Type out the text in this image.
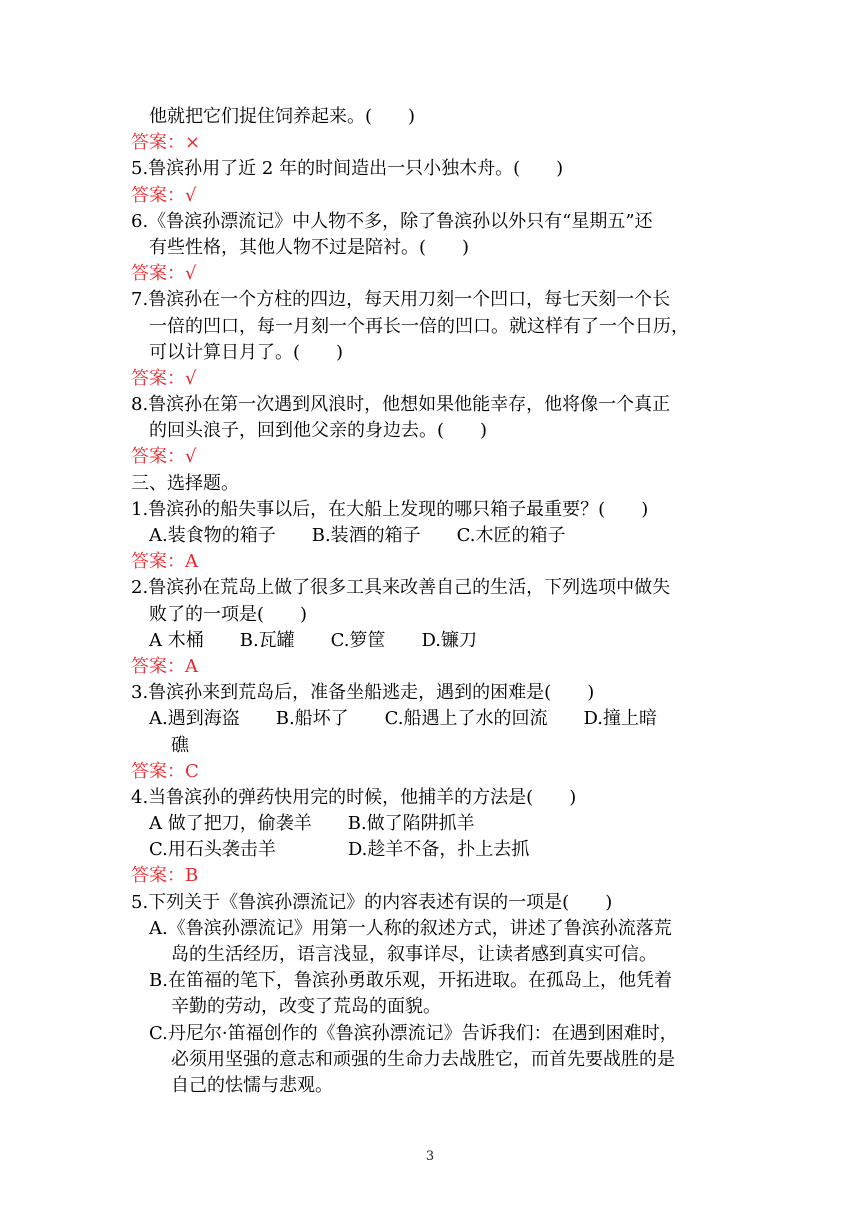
他就把它们捉住饲养起来。(　　)
答案：×
5.鲁滨孙用了近 2 年的时间造出一只小独木舟。(　　)
答案：√
6.《鲁滨孙漂流记》中人物不多，除了鲁滨孙以外只有“星期五”还
有些性格，其他人物不过是陪衬。(　　)
答案：√
7.鲁滨孙在一个方柱的四边，每天用刀刻一个凹口，每七天刻一个长
一倍的凹口，每一月刻一个再长一倍的凹口。就这样有了一个日历，
可以计算日月了。(　　)
答案：√
8.鲁滨孙在第一次遇到风浪时，他想如果他能幸存，他将像一个真正
的回头浪子，回到他父亲的身边去。(　　)
答案：√
三、选择题。
1.鲁滨孙的船失事以后，在大船上发现的哪只箱子最重要？(　　)
A.装食物的箱子　　B.装酒的箱子　　C.木匠的箱子
答案：A
2.鲁滨孙在荒岛上做了很多工具来改善自己的生活，下列选项中做失
败了的一项是(　　)
A 木桶　　B.瓦罐　　C.箩筐　　D.镰刀
答案：A
3.鲁滨孙来到荒岛后，准备坐船逃走，遇到的困难是(　　)
A.遇到海盗　　B.船坏了　　C.船遇上了水的回流　　D.撞上暗
礁
答案：C
4.当鲁滨孙的弹药快用完的时候，他捕羊的方法是(　　)
A 做了把刀，偷袭羊　　B.做了陷阱抓羊
C.用石头袭击羊　　　　D.趁羊不备，扑上去抓
答案：B
5.下列关于《鲁滨孙漂流记》的内容表述有误的一项是(　　)
A.《鲁滨孙漂流记》用第一人称的叙述方式，讲述了鲁滨孙流落荒
岛的生活经历，语言浅显，叙事详尽，让读者感到真实可信。
B.在笛福的笔下，鲁滨孙勇敢乐观，开拓进取。在孤岛上，他凭着
辛勤的劳动，改变了荒岛的面貌。
C.丹尼尔·笛福创作的《鲁滨孙漂流记》告诉我们：在遇到困难时，
必须用坚强的意志和顽强的生命力去战胜它，而首先要战胜的是
自己的怯懦与悲观。
3
